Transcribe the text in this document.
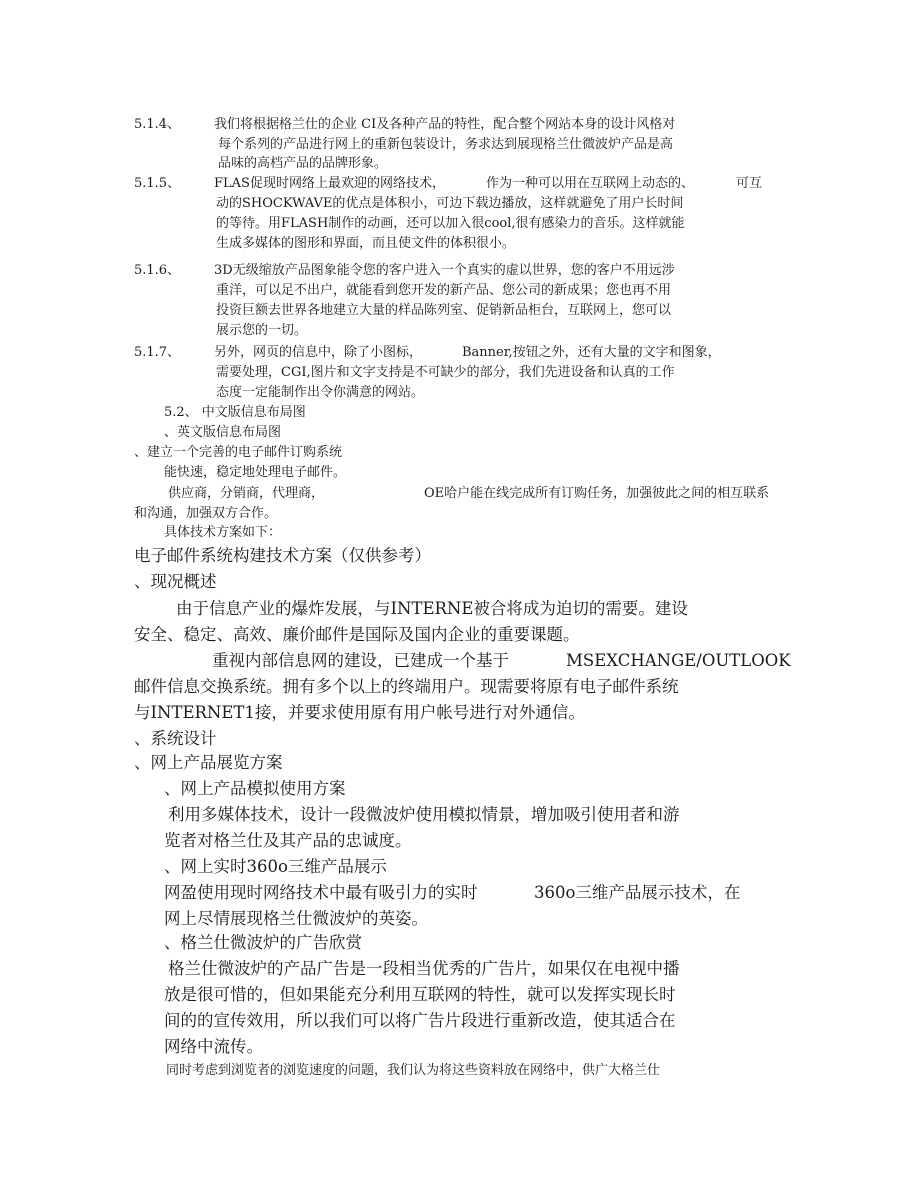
5.1.4、	我们将根据格兰仕的企业 CI及各种产品的特性，配合整个网站本身的设计风格对
每个系列的产品进行网上的重新包装设计，务求达到展现格兰仕微波炉产品是高
品味的高档产品的品牌形象。
5.1.5、	FLAS促现时网络上最欢迎的网络技术，	作为一种可以用在互联网上动态的、	可互
动的SHOCKWAVE的优点是体积小，可边下载边播放，这样就避免了用户长时间
的等待。用FLASH制作的动画，还可以加入很cool,很有感染力的音乐。这样就能
生成多媒体的图形和界面，而且使文件的体积很小。
5.1.6、	3D无级缩放产品图象能令您的客户进入一个真实的虚以世界，您的客户不用远涉
重洋，可以足不出户，就能看到您开发的新产品、您公司的新成果；您也再不用
投资巨额去世界各地建立大量的样品陈列室、促销新品柜台，互联网上，您可以
展示您的一切。
5.1.7、	另外，网页的信息中，除了小图标，	Banner,按钮之外，还有大量的文字和图象，
需要处理，CGI,图片和文字支持是不可缺少的部分，我们先进设备和认真的工作
态度一定能制作出令你满意的网站。
5.2、 中文版信息布局图
、英文版信息布局图
、建立一个完善的电子邮件订购系统
能快速，稳定地处理电子邮件。
供应商，分销商，代理商，	OE哈户能在线完成所有订购任务，加强彼此之间的相互联系
和沟通，加强双方合作。
具体技术方案如下：
电子邮件系统构建技术方案（仅供参考）
、现况概述
由于信息产业的爆炸发展，与INTERNE被合将成为迫切的需要。建设
安全、稳定、高效、廉价邮件是国际及国内企业的重要课题。
重视内部信息网的建设，已建成一个基于	MSEXCHANGE/OUTLOOK
邮件信息交换系统。拥有多个以上的终端用户。现需要将原有电子邮件系统
与INTERNET1接，并要求使用原有用户帐号进行对外通信。
、系统设计
、网上产品展览方案
、网上产品模拟使用方案
利用多媒体技术，设计一段微波炉使用模拟情景，增加吸引使用者和游
览者对格兰仕及其产品的忠诚度。
、网上实时360o三维产品展示
网盈使用现时网络技术中最有吸引力的实时	360o三维产品展示技术，在
网上尽情展现格兰仕微波炉的英姿。
、格兰仕微波炉的广告欣赏
格兰仕微波炉的产品广告是一段相当优秀的广告片，如果仅在电视中播
放是很可惜的，但如果能充分利用互联网的特性，就可以发挥实现长时
间的的宣传效用，所以我们可以将广告片段进行重新改造，使其适合在
网络中流传。
同时考虑到浏览者的浏览速度的问题，我们认为将这些资料放在网络中，供广大格兰仕
